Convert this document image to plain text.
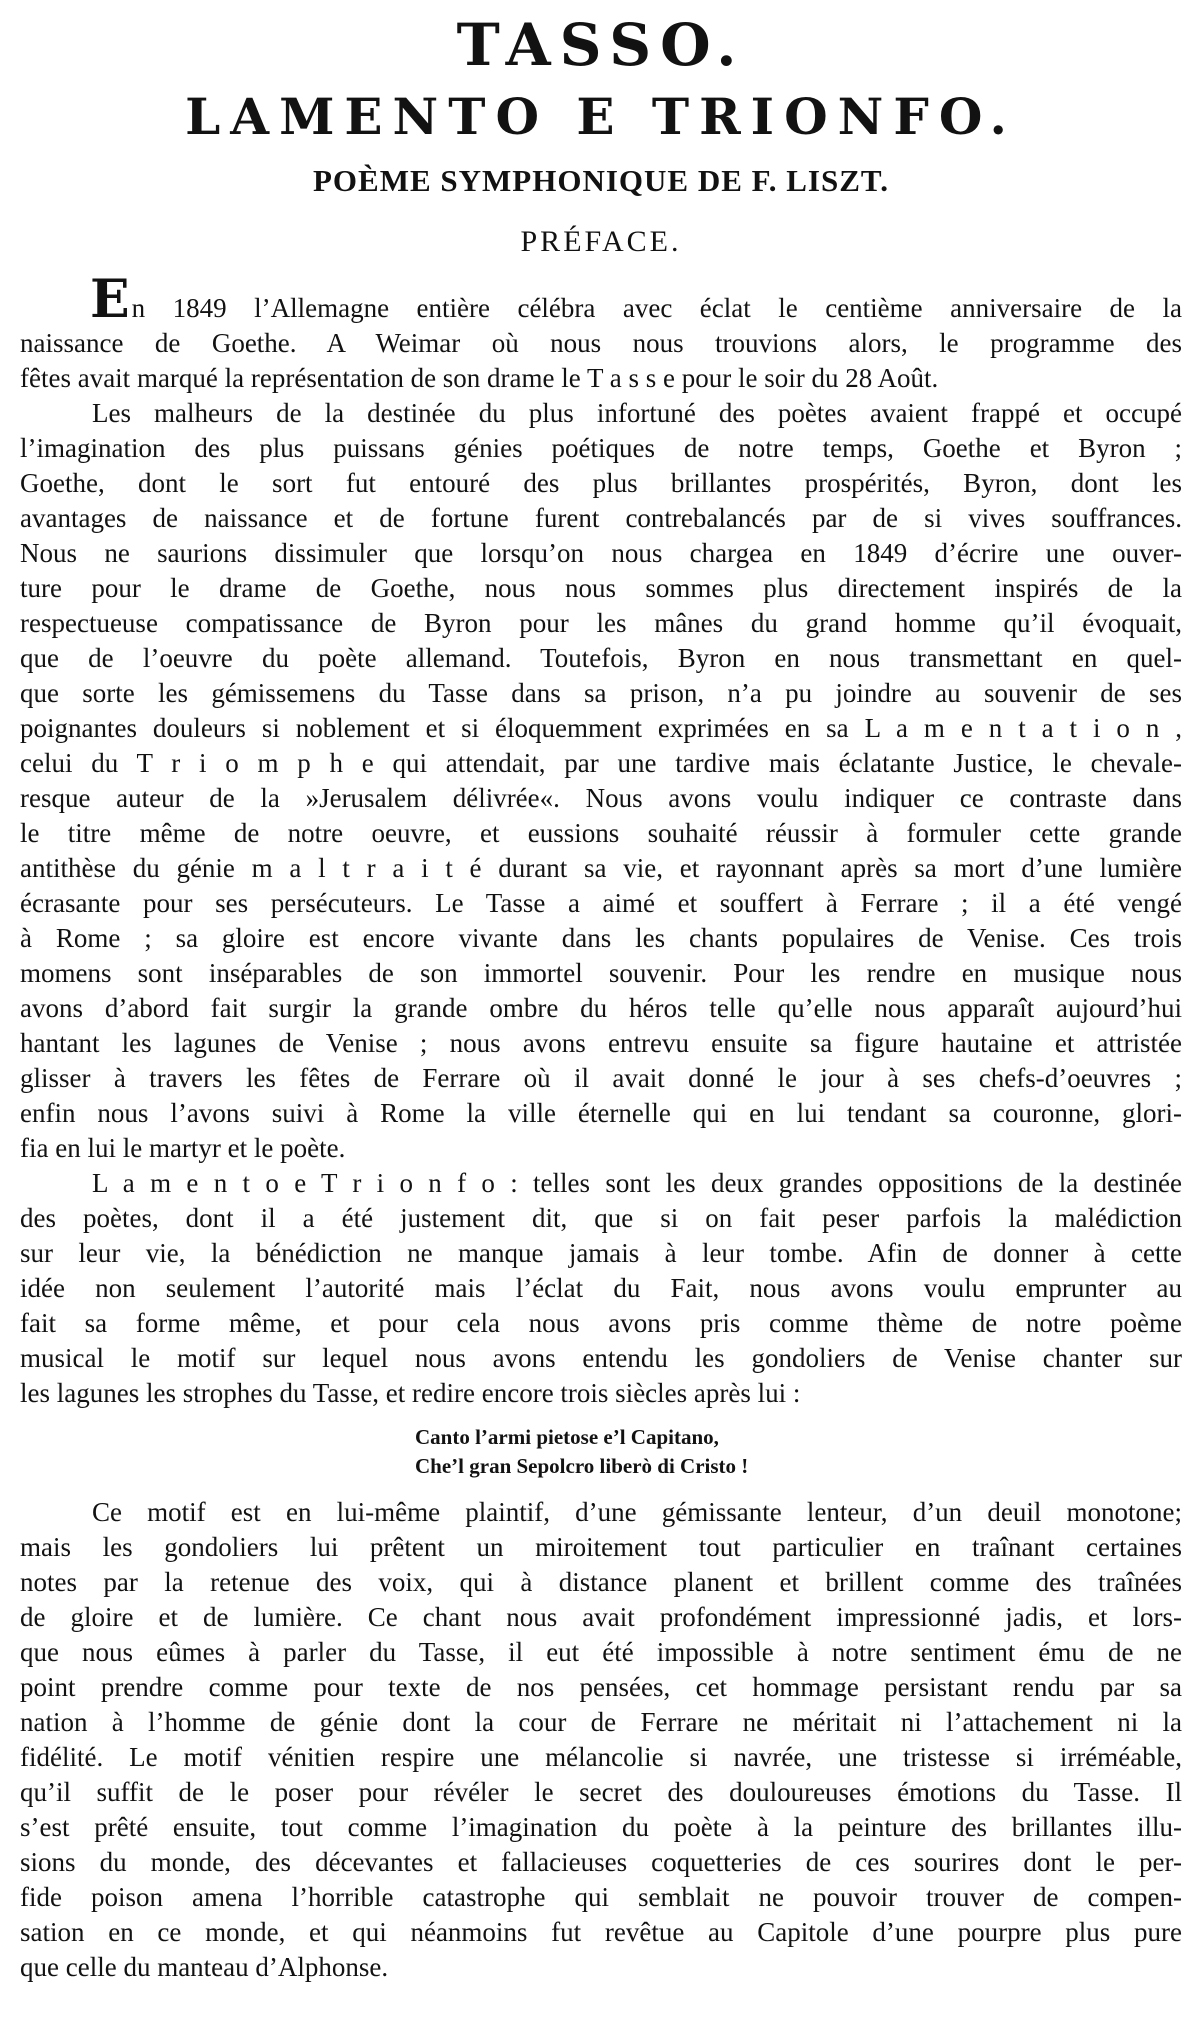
TASSO.
LAMENTO E TRIONFO.
POÈME SYMPHONIQUE DE F. LISZT.
PRÉFACE.
En 1849 l’Allemagne entière célébra avec éclat le centième anniversaire de la
naissance de Goethe. A Weimar où nous nous trouvions alors, le programme des
fêtes avait marqué la représentation de son drame le T a s s e pour le soir du 28 Août.
Les malheurs de la destinée du plus infortuné des poètes avaient frappé et occupé
l’imagination des plus puissans génies poétiques de notre temps, Goethe et Byron ;
Goethe, dont le sort fut entouré des plus brillantes prospérités, Byron, dont les
avantages de naissance et de fortune furent contrebalancés par de si vives souffrances.
Nous ne saurions dissimuler que lorsqu’on nous chargea en 1849 d’écrire une ouver-
ture pour le drame de Goethe, nous nous sommes plus directement inspirés de la
respectueuse compatissance de Byron pour les mânes du grand homme qu’il évoquait,
que de l’oeuvre du poète allemand. Toutefois, Byron en nous transmettant en quel-
que sorte les gémissemens du Tasse dans sa prison, n’a pu joindre au souvenir de ses
poignantes douleurs si noblement et si éloquemment exprimées en sa L a m e n t a t i o n ,
celui du T r i o m p h e qui attendait, par une tardive mais éclatante Justice, le chevale-
resque auteur de la »Jerusalem délivrée«. Nous avons voulu indiquer ce contraste dans
le titre même de notre oeuvre, et eussions souhaité réussir à formuler cette grande
antithèse du génie m a l t r a i t é durant sa vie, et rayonnant après sa mort d’une lumière
écrasante pour ses persécuteurs. Le Tasse a aimé et souffert à Ferrare ; il a été vengé
à Rome ; sa gloire est encore vivante dans les chants populaires de Venise. Ces trois
momens sont inséparables de son immortel souvenir. Pour les rendre en musique nous
avons d’abord fait surgir la grande ombre du héros telle qu’elle nous apparaît aujourd’hui
hantant les lagunes de Venise ; nous avons entrevu ensuite sa figure hautaine et attristée
glisser à travers les fêtes de Ferrare où il avait donné le jour à ses chefs-d’oeuvres ;
enfin nous l’avons suivi à Rome la ville éternelle qui en lui tendant sa couronne, glori-
fia en lui le martyr et le poète.
L a m e n t o e T r i o n f o : telles sont les deux grandes oppositions de la destinée
des poètes, dont il a été justement dit, que si on fait peser parfois la malédiction
sur leur vie, la bénédiction ne manque jamais à leur tombe. Afin de donner à cette
idée non seulement l’autorité mais l’éclat du Fait, nous avons voulu emprunter au
fait sa forme même, et pour cela nous avons pris comme thème de notre poème
musical le motif sur lequel nous avons entendu les gondoliers de Venise chanter sur
les lagunes les strophes du Tasse, et redire encore trois siècles après lui :
Canto l’armi pietose e’l Capitano,
Che’l gran Sepolcro liberò di Cristo !
Ce motif est en lui-même plaintif, d’une gémissante lenteur, d’un deuil monotone;
mais les gondoliers lui prêtent un miroitement tout particulier en traînant certaines
notes par la retenue des voix, qui à distance planent et brillent comme des traînées
de gloire et de lumière. Ce chant nous avait profondément impressionné jadis, et lors-
que nous eûmes à parler du Tasse, il eut été impossible à notre sentiment ému de ne
point prendre comme pour texte de nos pensées, cet hommage persistant rendu par sa
nation à l’homme de génie dont la cour de Ferrare ne méritait ni l’attachement ni la
fidélité. Le motif vénitien respire une mélancolie si navrée, une tristesse si irréméable,
qu’il suffit de le poser pour révéler le secret des douloureuses émotions du Tasse. Il
s’est prêté ensuite, tout comme l’imagination du poète à la peinture des brillantes illu-
sions du monde, des décevantes et fallacieuses coquetteries de ces sourires dont le per-
fide poison amena l’horrible catastrophe qui semblait ne pouvoir trouver de compen-
sation en ce monde, et qui néanmoins fut revêtue au Capitole d’une pourpre plus pure
que celle du manteau d’Alphonse.
